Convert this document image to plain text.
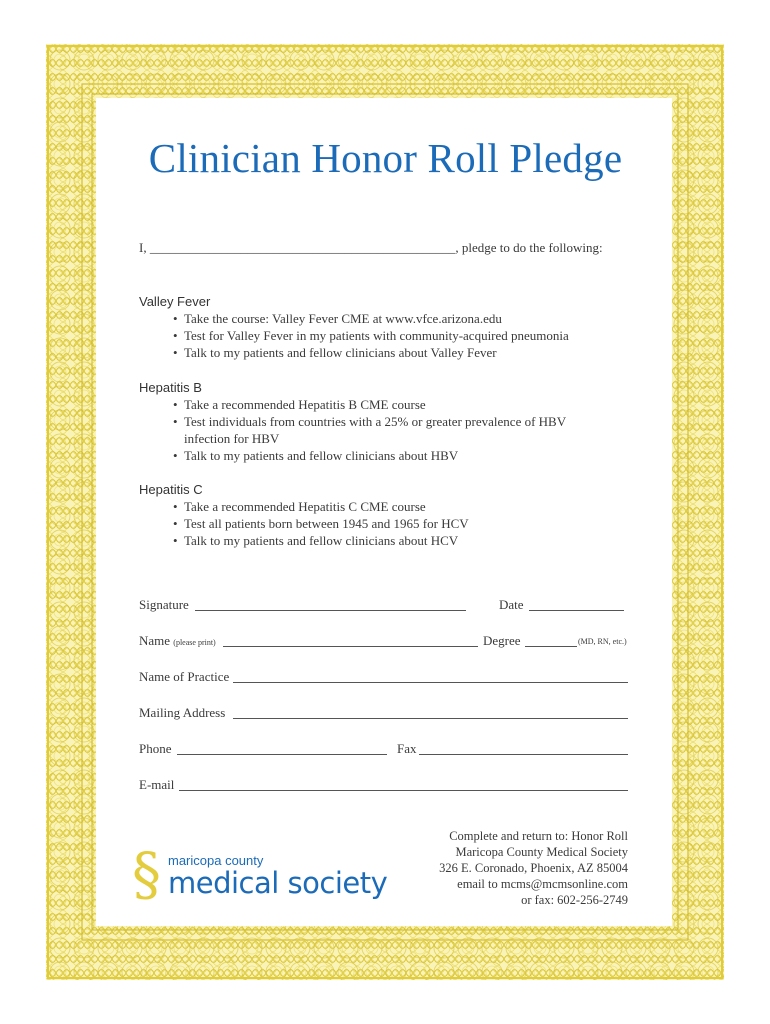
Clinician Honor Roll Pledge
I, _______________________________________________, pledge to do the following:
Valley Fever
• Take the course: Valley Fever CME at www.vfce.arizona.edu
• Test for Valley Fever in my patients with community-acquired pneumonia
• Talk to my patients and fellow clinicians about Valley Fever
Hepatitis B
• Take a recommended Hepatitis B CME course
• Test individuals from countries with a 25% or greater prevalence of HBV infection for HBV
• Talk to my patients and fellow clinicians about HBV
Hepatitis C
• Take a recommended Hepatitis C CME course
• Test all patients born between 1945 and 1965 for HCV
• Talk to my patients and fellow clinicians about HCV
Signature	Date
Name (please print)	Degree	(MD, RN, etc.)
Name of Practice
Mailing Address
Phone	Fax
E-mail
§ maricopa county
medical society
Complete and return to: Honor Roll
Maricopa County Medical Society
326 E. Coronado, Phoenix, AZ 85004
email to mcms@mcmsonline.com
or fax: 602-256-2749
